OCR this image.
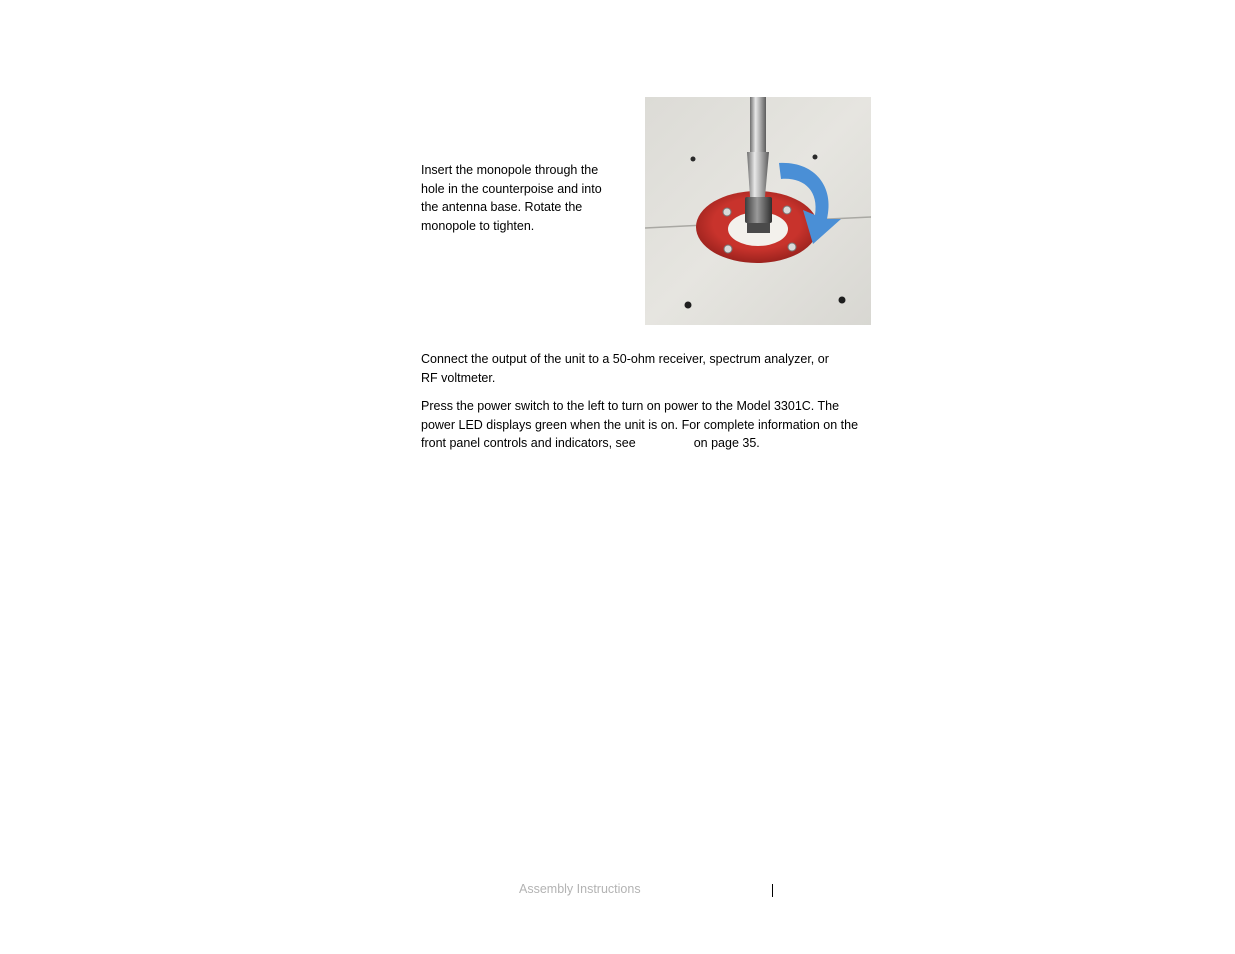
Insert the monopole through the hole in the counterpoise and into the antenna base. Rotate the monopole to tighten.

Connect the output of the unit to a 50-ohm receiver, spectrum analyzer, or RF voltmeter.

Press the power switch to the left to turn on power to the Model 3301C. The power LED displays green when the unit is on. For complete information on the front panel controls and indicators, see	on page 35.

Assembly Instructions
